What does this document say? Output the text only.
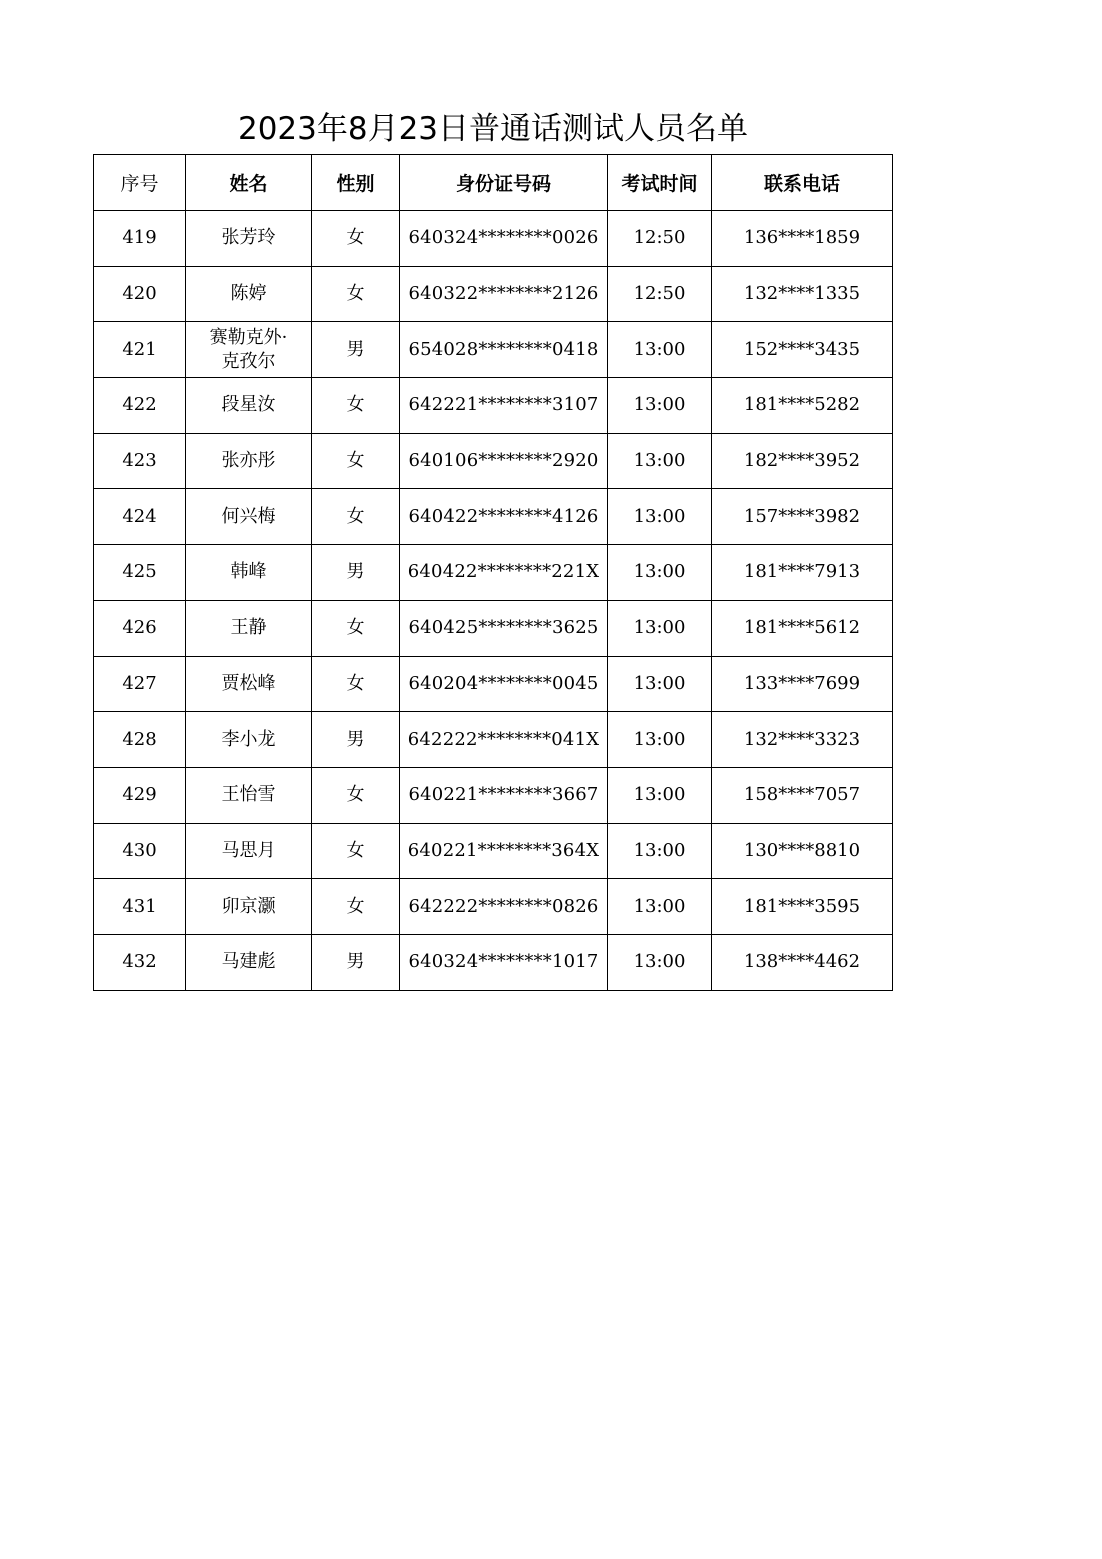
2023年8月23日普通话测试人员名单
序号	姓名	性别	身份证号码	考试时间	联系电话
419	张芳玲	女	640324********0026	12:50	136****1859
420	陈婷	女	640322********2126	12:50	132****1335
421	赛勒克外·
克孜尔	男	654028********0418	13:00	152****3435
422	段星汝	女	642221********3107	13:00	181****5282
423	张亦彤	女	640106********2920	13:00	182****3952
424	何兴梅	女	640422********4126	13:00	157****3982
425	韩峰	男	640422********221X	13:00	181****7913
426	王静	女	640425********3625	13:00	181****5612
427	贾松峰	女	640204********0045	13:00	133****7699
428	李小龙	男	642222********041X	13:00	132****3323
429	王怡雪	女	640221********3667	13:00	158****7057
430	马思月	女	640221********364X	13:00	130****8810
431	卯京灏	女	642222********0826	13:00	181****3595
432	马建彪	男	640324********1017	13:00	138****4462
